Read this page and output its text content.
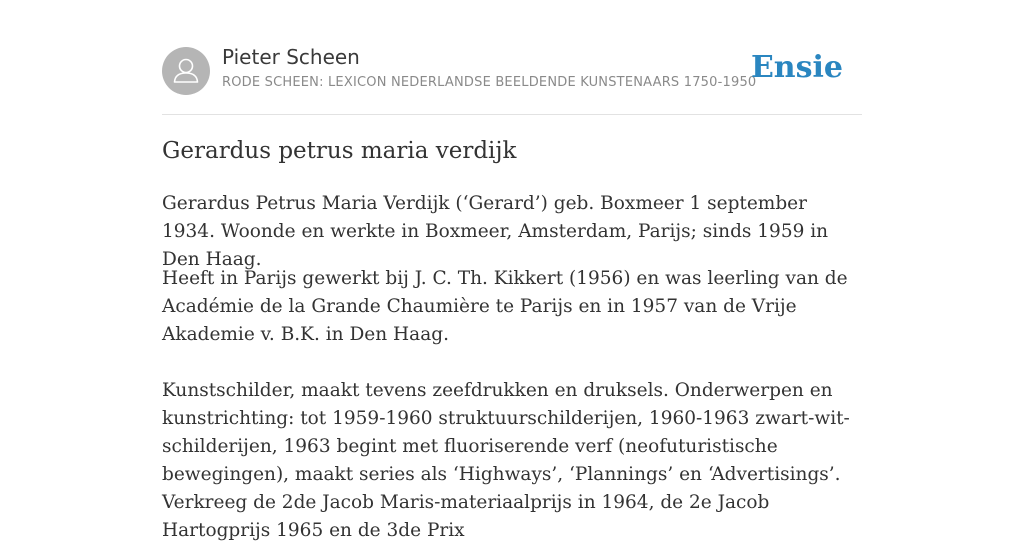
Pieter Scheen
RODE SCHEEN: LEXICON NEDERLANDSE BEELDENDE KUNSTENAARS 1750-1950
Ensie
Gerardus petrus maria verdijk

Gerardus Petrus Maria Verdijk (‘Gerard’) geb. Boxmeer 1 september 1934. Woonde en werkte in Boxmeer, Amsterdam, Parijs; sinds 1959 in Den Haag.

Heeft in Parijs gewerkt bij J. C. Th. Kikkert (1956) en was leerling van de Académie de la Grande Chaumière te Parijs en in 1957 van de Vrije Akademie v. B.K. in Den Haag.

Kunstschilder, maakt tevens zeefdrukken en druksels. Onderwerpen en kunstrichting: tot 1959-1960 struktuurschilderijen, 1960-1963 zwart-wit-schilderijen, 1963 begint met fluoriserende verf (neofuturistische bewegingen), maakt series als ‘Highways’, ‘Plannings’ en ‘Advertisings’. Verkreeg de 2de Jacob Maris-materiaalprijs in 1964, de 2e Jacob Hartogprijs 1965 en de 3de Prix
